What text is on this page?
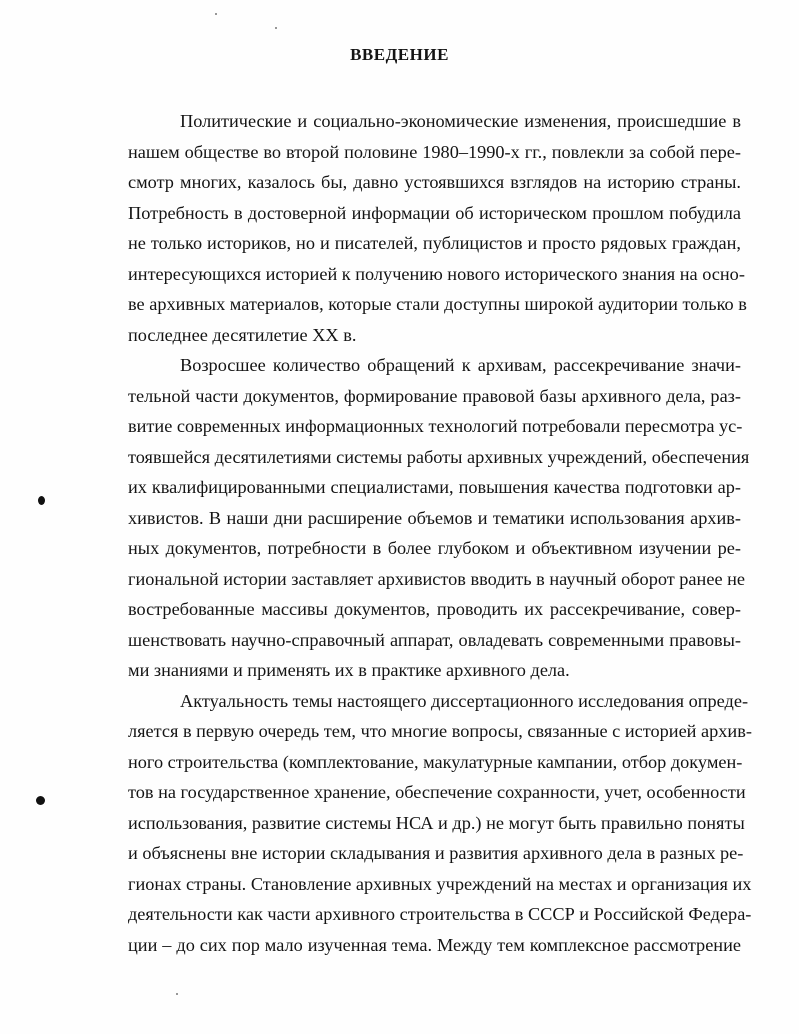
ВВЕДЕНИЕ
Политические и социально-экономические изменения, происшедшие в
нашем обществе во второй половине 1980–1990-х гг., повлекли за собой пере-
смотр многих, казалось бы, давно устоявшихся взглядов на историю страны.
Потребность в достоверной информации об историческом прошлом побудила
не только историков, но и писателей, публицистов и просто рядовых граждан,
интересующихся историей к получению нового исторического знания на осно-
ве архивных материалов, которые стали доступны широкой аудитории только в
последнее десятилетие XX в.
Возросшее количество обращений к архивам, рассекречивание значи-
тельной части документов, формирование правовой базы архивного дела, раз-
витие современных информационных технологий потребовали пересмотра ус-
тоявшейся десятилетиями системы работы архивных учреждений, обеспечения
их квалифицированными специалистами, повышения качества подготовки ар-
хивистов. В наши дни расширение объемов и тематики использования архив-
ных документов, потребности в более глубоком и объективном изучении ре-
гиональной истории заставляет архивистов вводить в научный оборот ранее не
востребованные массивы документов, проводить их рассекречивание, совер-
шенствовать научно-справочный аппарат, овладевать современными правовы-
ми знаниями и применять их в практике архивного дела.
Актуальность темы настоящего диссертационного исследования опреде-
ляется в первую очередь тем, что многие вопросы, связанные с историей архив-
ного строительства (комплектование, макулатурные кампании, отбор докумен-
тов на государственное хранение, обеспечение сохранности, учет, особенности
использования, развитие системы НСА и др.) не могут быть правильно поняты
и объяснены вне истории складывания и развития архивного дела в разных ре-
гионах страны. Становление архивных учреждений на местах и организация их
деятельности как части архивного строительства в СССР и Российской Федера-
ции – до сих пор мало изученная тема. Между тем комплексное рассмотрение
